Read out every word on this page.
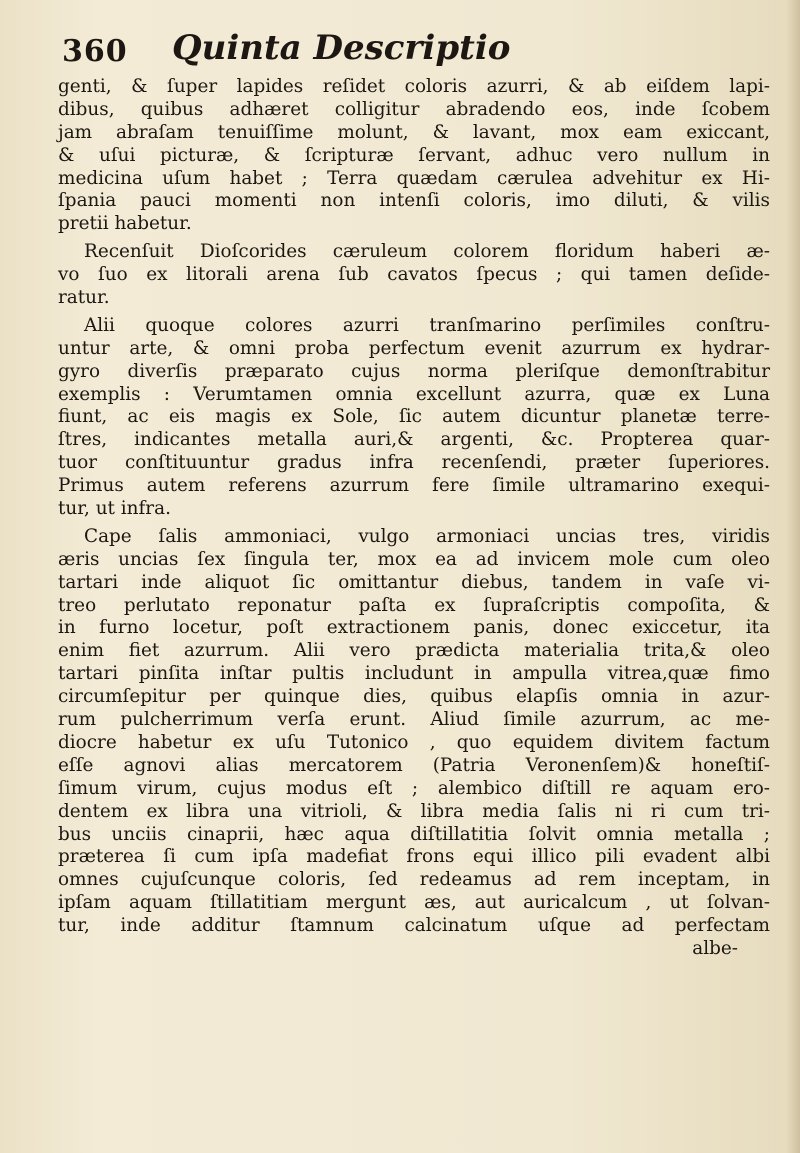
360 Quinta Descriptio
genti, & ſuper lapides reſidet coloris azurri, & ab eiſdem lapi-
dibus, quibus adhæret colligitur abradendo eos, inde ſcobem
jam abraſam tenuiſſime molunt, & lavant, mox eam exiccant,
& uſui picturæ, & ſcripturæ ſervant, adhuc vero nullum in
medicina uſum habet ; Terra quædam cærulea advehitur ex Hi-
ſpania pauci momenti non intenſi coloris, imo diluti, & vilis
pretii habetur.
Recenſuit Dioſcorides cæruleum colorem floridum haberi æ-
vo ſuo ex litorali arena ſub cavatos ſpecus ; qui tamen deſide-
ratur.
Alii quoque colores azurri tranſmarino perſimiles conſtru-
untur arte, & omni proba perfectum evenit azurrum ex hydrar-
gyro diverſis præparato cujus norma pleriſque demonſtrabitur
exemplis : Verumtamen omnia excellunt azurra, quæ ex Luna
fiunt, ac eis magis ex Sole, ſic autem dicuntur planetæ terre-
ſtres, indicantes metalla auri,& argenti, &c. Propterea quar-
tuor conſtituuntur gradus infra recenſendi, præter ſuperiores.
Primus autem referens azurrum fere ſimile ultramarino exequi-
tur, ut infra.
Cape ſalis ammoniaci, vulgo armoniaci uncias tres, viridis
æris uncias ſex ſingula ter, mox ea ad invicem mole cum oleo
tartari inde aliquot ſic omittantur diebus, tandem in vaſe vi-
treo perlutato reponatur paſta ex ſupraſcriptis compoſita, &
in furno locetur, poſt extractionem panis, donec exiccetur, ita
enim fiet azurrum. Alii vero prædicta materialia trita,& oleo
tartari pinſita inſtar pultis includunt in ampulla vitrea,quæ fimo
circumſepitur per quinque dies, quibus elapſis omnia in azur-
rum pulcherrimum verſa erunt. Aliud ſimile azurrum, ac me-
diocre habetur ex uſu Tutonico , quo equidem divitem factum
eſſe agnovi alias mercatorem (Patria Veronenſem)& honeſtiſ-
ſimum virum, cujus modus eſt ; alembico diſtill re aquam ero-
dentem ex libra una vitrioli, & libra media ſalis ni ri cum tri-
bus unciis cinaprii, hæc aqua diſtillatitia ſolvit omnia metalla ;
præterea ſi cum ipſa madefiat frons equi illico pili evadent albi
omnes cujuſcunque coloris, ſed redeamus ad rem inceptam, in
ipſam aquam ſtillatitiam mergunt æs, aut auricalcum , ut ſolvan-
tur, inde additur ſtamnum calcinatum uſque ad perfectam
albe-
